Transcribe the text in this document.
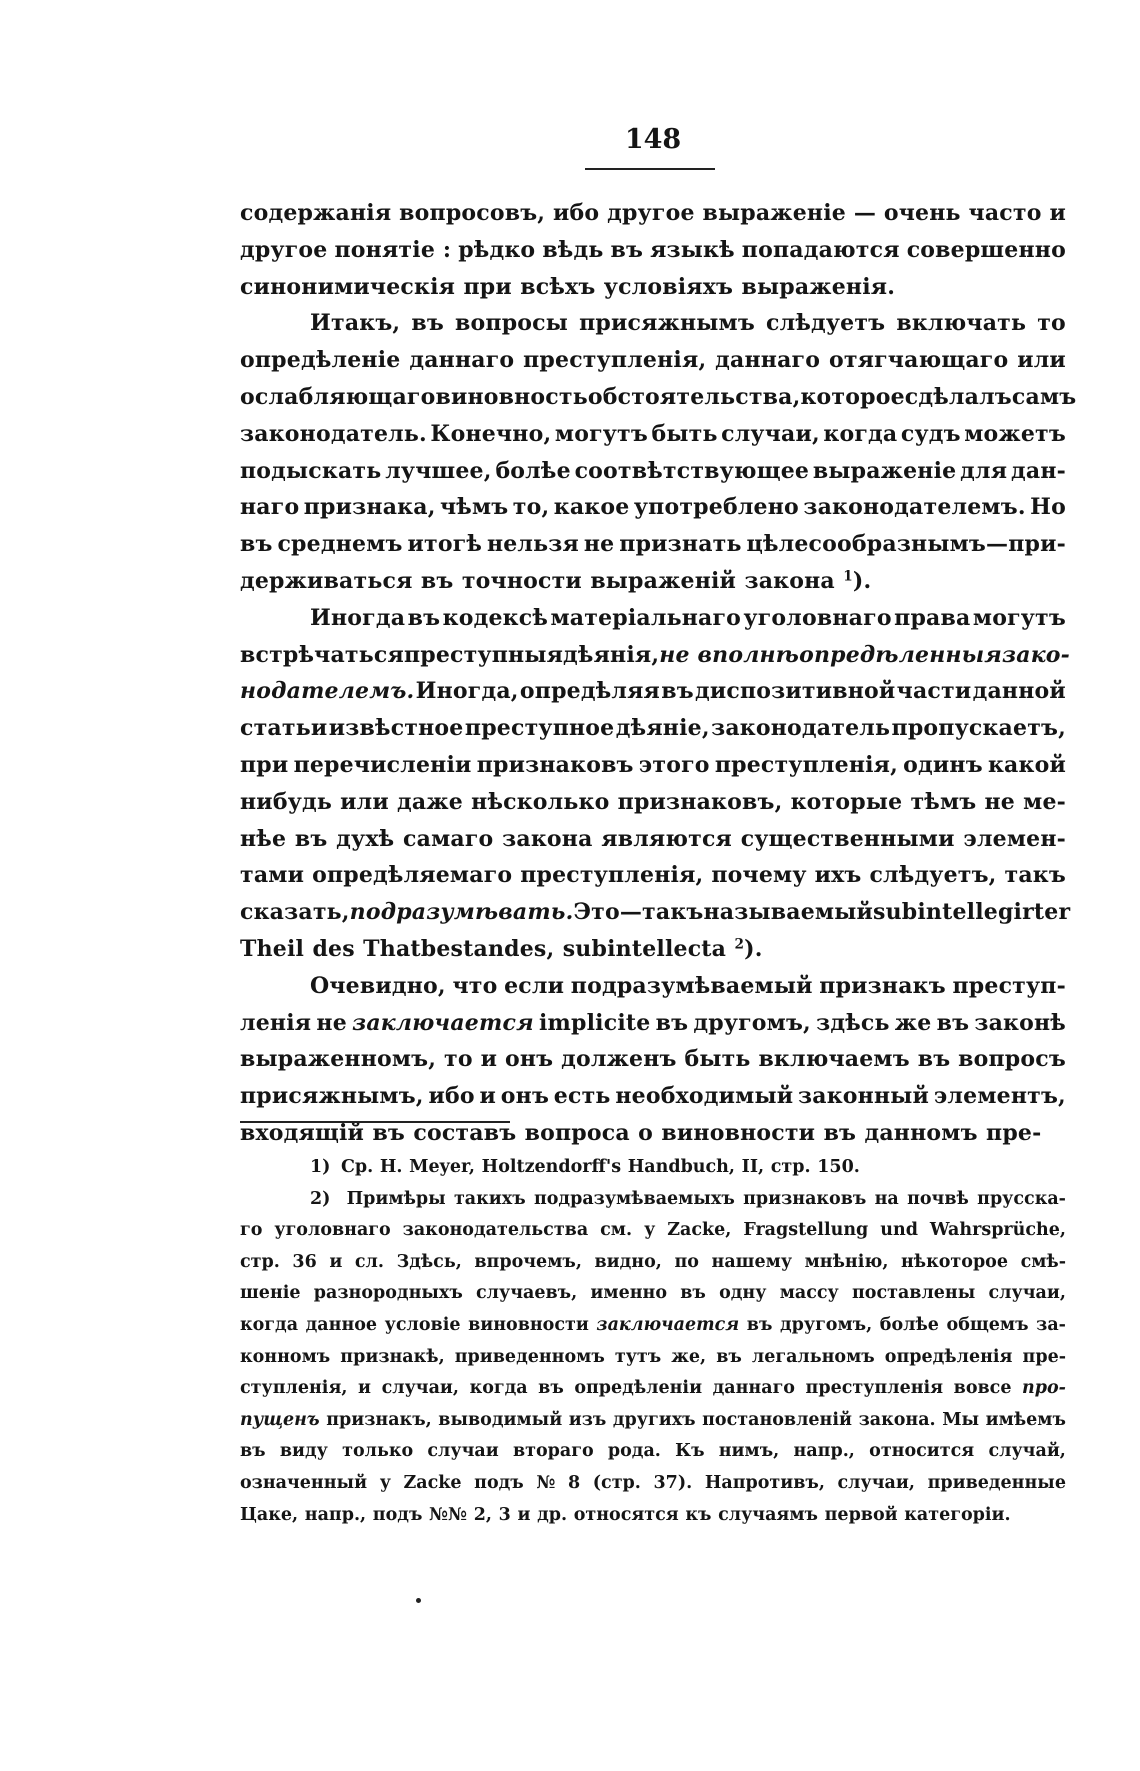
148
содержанія вопросовъ, ибо другое выраженіе — очень часто и
другое понятіе : рѣдко вѣдь въ языкѣ попадаются совершенно
синонимическія при всѣхъ условіяхъ выраженія.
Итакъ, въ вопросы присяжнымъ слѣдуетъ включать то
опредѣленіе даннаго преступленія, даннаго отягчающаго или
ослабляющаго виновность обстоятельства, которое сдѣлалъ самъ
законодатель. Конечно, могутъ быть случаи, когда судъ можетъ
подыскать лучшее, болѣе соотвѣтствующее выраженіе для дан-
наго признака, чѣмъ то, какое употреблено законодателемъ. Но
въ среднемъ итогѣ нельзя не признать цѣлесообразнымъ—при-
держиваться въ точности выраженій закона $^1$).
Иногда въ кодексѣ матеріальнаго уголовнаго права могутъ
встрѣчаться преступныя дѣянія, не вполнѣ опредѣленныя зако-
нодателемъ. Иногда, опредѣляя въ диспозитивной части данной
статьи извѣстное преступное дѣяніе, законодатель пропускаетъ,
при перечисленіи признаковъ этого преступленія, одинъ какой
нибудь или даже нѣсколько признаковъ, которые тѣмъ не ме-
нѣе въ духѣ самаго закона являются существенными элемен-
тами опредѣляемаго преступленія, почему ихъ слѣдуетъ, такъ
сказать, подразумѣвать. Это — такъ называемый subintellegirter
Theil des Thatbestandes, subintellecta $^2$).
Очевидно, что если подразумѣваемый признакъ преступ-
ленія не заключается implicite въ другомъ, здѣсь же въ законѣ
выраженномъ, то и онъ долженъ быть включаемъ въ вопросъ
присяжнымъ, ибо и онъ есть необходимый законный элементъ,
входящій въ составъ вопроса о виновности въ данномъ пре-
1) Ср. H. Meyer, Holtzendorff's Handbuch, II, стр. 150.
2) Примѣры такихъ подразумѣваемыхъ признаковъ на почвѣ прусска-
го уголовнаго законодательства см. у Zacke, Fragstellung und Wahrsprüche,
стр. 36 и сл. Здѣсь, впрочемъ, видно, по нашему мнѣнію, нѣкоторое смѣ-
шеніе разнородныхъ случаевъ, именно въ одну массу поставлены случаи,
когда данное условіе виновности заключается въ другомъ, болѣе общемъ за-
конномъ признакѣ, приведенномъ тутъ же, въ легальномъ опредѣленія пре-
ступленія, и случаи, когда въ опредѣленіи даннаго преступленія вовсе про-
пущенъ признакъ, выводимый изъ другихъ постановленій закона. Мы имѣемъ
въ виду только случаи втораго рода. Къ нимъ, напр., относится случай,
означенный у Zacke подъ № 8 (стр. 37). Напротивъ, случаи, приведенные
Цаке, напр., подъ №№ 2, 3 и др. относятся къ случаямъ первой категоріи.
